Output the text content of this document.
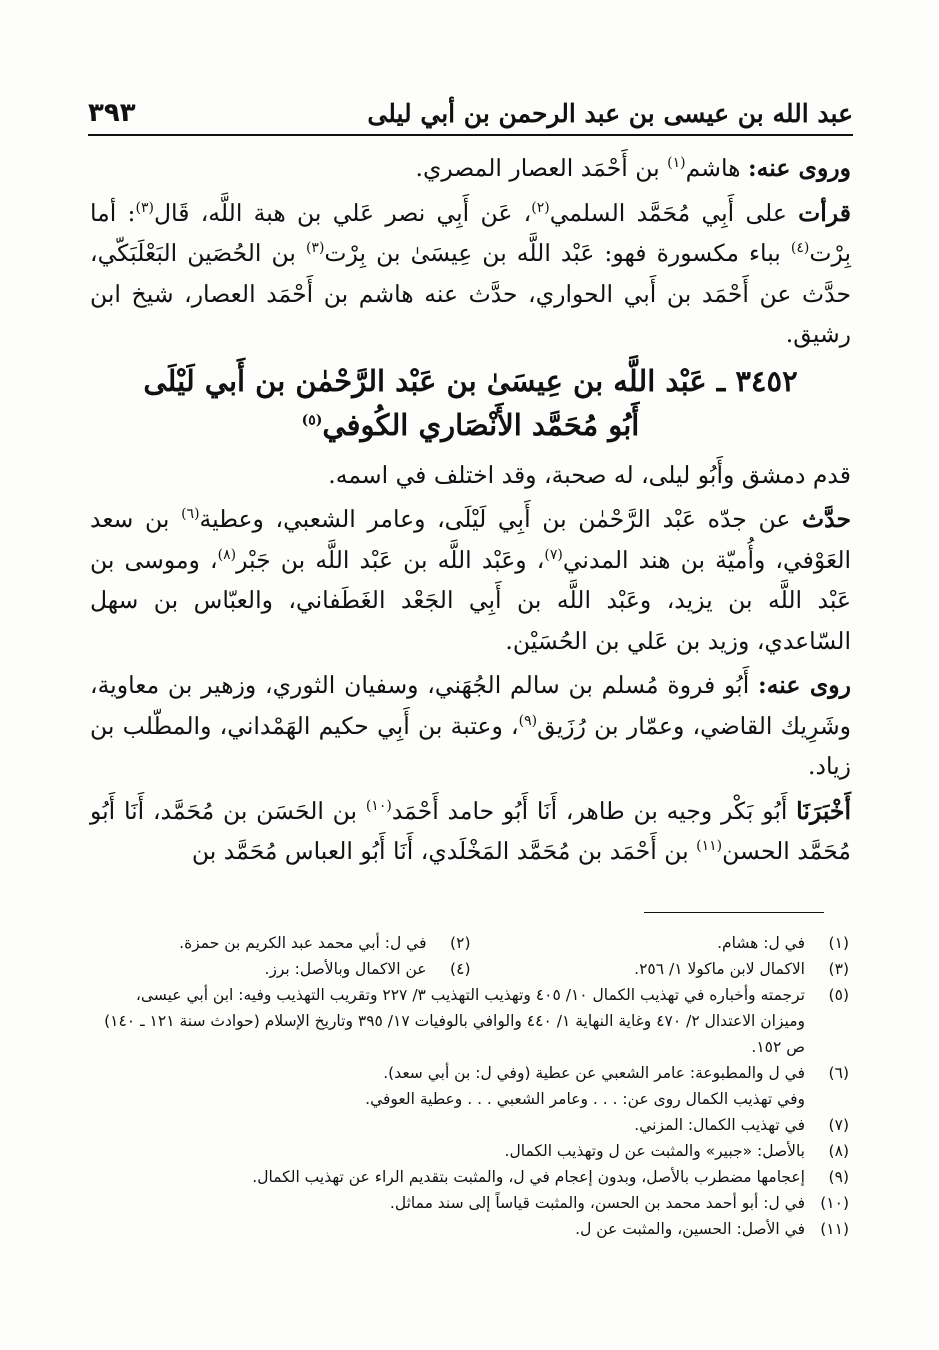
٣٩٣	عبد الله بن عيسى بن عبد الرحمن بن أبي ليلى

وروى عنه: هاشم$^{(١)}$ بن أَحْمَد العصار المصري.

قرأت على أَبِي مُحَمَّد السلمي$^{(٢)}$، عَن أَبِي نصر عَلي بن هبة اللَّه، قَال$^{(٣)}$: أما بِرْت$^{(٤)}$ بباء مكسورة فهو: عَبْد اللَّه بن عِيسَىٰ بن بِرْت$^{(٣)}$ بن الحُصَين البَعْلَبَكّي، حدَّث عن أَحْمَد بن أَبي الحواري، حدَّث عنه هاشم بن أَحْمَد العصار، شيخ ابن رشيق.

٣٤٥٢ ـ عَبْد اللَّه بن عِيسَىٰ بن عَبْد الرَّحْمٰن بن أَبي لَيْلَى
أَبُو مُحَمَّد الأَنْصَاري الكُوفي$^{(٥)}$

قدم دمشق وأَبُو ليلى، له صحبة، وقد اختلف في اسمه.

حدَّث عن جدّه عَبْد الرَّحْمٰن بن أَبِي لَيْلَى، وعامر الشعبي، وعطية$^{(٦)}$ بن سعد العَوْفي، وأُميّة بن هند المدني$^{(٧)}$، وعَبْد اللَّه بن عَبْد اللَّه بن جَبْر$^{(٨)}$، وموسى بن عَبْد اللَّه بن يزيد، وعَبْد اللَّه بن أَبِي الجَعْد الغَطَفاني، والعبّاس بن سهل السّاعدي، وزيد بن عَلي بن الحُسَيْن.

روى عنه: أَبُو فروة مُسلم بن سالم الجُهَني، وسفيان الثوري، وزهير بن معاوية، وشَرِيك القاضي، وعمّار بن رُزَيق$^{(٩)}$، وعتبة بن أَبِي حكيم الهَمْداني، والمطّلب بن زياد.

أَخْبَرَنَا أَبُو بَكْر وجيه بن طاهر، أَنَا أَبُو حامد أَحْمَد$^{(١٠)}$ بن الحَسَن بن مُحَمَّد، أَنَا أَبُو مُحَمَّد الحسن$^{(١١)}$ بن أَحْمَد بن مُحَمَّد المَخْلَدي، أَنَا أَبُو العباس مُحَمَّد بن

(١)
في ل: هشام.
(٢)
في ل: أبي محمد عبد الكريم بن حمزة.
(٣)
الاكمال لابن ماكولا ١/ ٢٥٦.
(٤)
عن الاكمال وبالأصل: برز.
(٥)
ترجمته وأخباره في تهذيب الكمال ١٠/ ٤٠٥ وتهذيب التهذيب ٣/ ٢٢٧ وتقريب التهذيب وفيه: ابن أبي عيسى، وميزان الاعتدال ٢/ ٤٧٠ وغاية النهاية ١/ ٤٤٠ والوافي بالوفيات ١٧/ ٣٩٥ وتاريخ الإسلام (حوادث سنة ١٢١ ـ ١٤٠) ص ١٥٢.
(٦)
في ل والمطبوعة: عامر الشعبي عن عطية (وفي ل: بن أبي سعد).
وفي تهذيب الكمال روى عن: . . . وعامر الشعبي . . . وعطية العوفي.
(٧)
في تهذيب الكمال: المزني.
(٨)
بالأصل: «جبير» والمثبت عن ل وتهذيب الكمال.
(٩)
إعجامها مضطرب بالأصل، وبدون إعجام في ل، والمثبت بتقديم الراء عن تهذيب الكمال.
(١٠)
في ل: أبو أحمد محمد بن الحسن، والمثبت قياساً إلى سند مماثل.
(١١)
في الأصل: الحسين، والمثبت عن ل.
